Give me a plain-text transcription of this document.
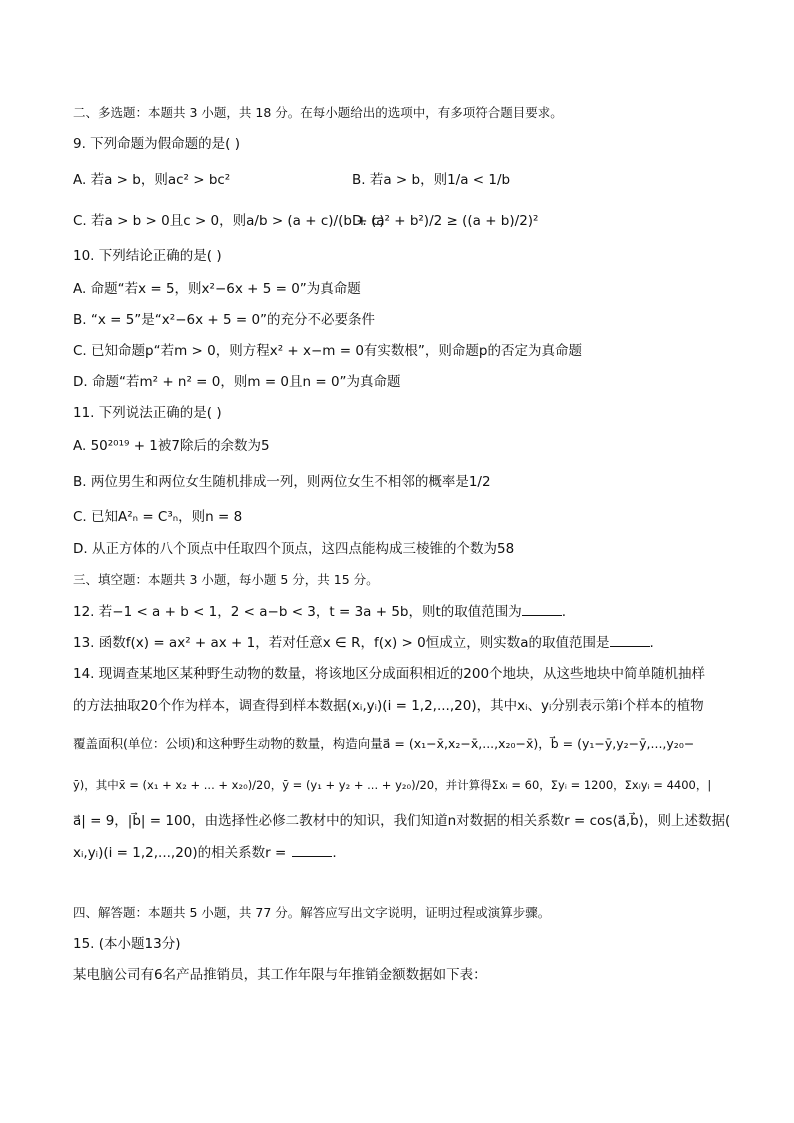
二、多选题：本题共 3 小题，共 18 分。在每小题给出的选项中，有多项符合题目要求。
9. 下列命题为假命题的是( )
A. 若a > b，则ac² > bc²	B. 若a > b，则1/a < 1/b
C. 若a > b > 0且c > 0，则a/b > (a + c)/(b + c)
D. (a² + b²)/2 ≥ ((a + b)/2)²
10. 下列结论正确的是( )
A. 命题“若x = 5，则x²−6x + 5 = 0”为真命题
B. “x = 5”是“x²−6x + 5 = 0”的充分不必要条件
C. 已知命题p“若m > 0，则方程x² + x−m = 0有实数根”，则命题p的否定为真命题
D. 命题“若m² + n² = 0，则m = 0且n = 0”为真命题
11. 下列说法正确的是( )
A. 50²⁰¹⁹ + 1被7除后的余数为5
B. 两位男生和两位女生随机排成一列，则两位女生不相邻的概率是1/2
C. 已知A²ₙ = C³ₙ，则n = 8
D. 从正方体的八个顶点中任取四个顶点，这四点能构成三棱锥的个数为58
三、填空题：本题共 3 小题，每小题 5 分，共 15 分。
12. 若−1 < a + b < 1，2 < a−b < 3，t = 3a + 5b，则t的取值范围为	.
13. 函数f(x) = ax² + ax + 1，若对任意x ∈ R，f(x) > 0恒成立，则实数a的取值范围是	.
14. 现调查某地区某种野生动物的数量，将该地区分成面积相近的200个地块，从这些地块中简单随机抽样
的方法抽取20个作为样本，调查得到样本数据(xᵢ,yᵢ)(i = 1,2,...,20)，其中xᵢ、yᵢ分别表示第i个样本的植物
覆盖面积(单位：公顷)和这种野生动物的数量，构造向量a⃗ = (x₁−x̄,x₂−x̄,...,x₂₀−x̄)，b⃗ = (y₁−ȳ,y₂−ȳ,...,y₂₀−
ȳ)，其中x̄ = (x₁ + x₂ + ... + x₂₀)/20，ȳ = (y₁ + y₂ + ... + y₂₀)/20，并计算得Σxᵢ = 60，Σyᵢ = 1200，Σxᵢyᵢ = 4400，|
a⃗| = 9，|b⃗| = 100，由选择性必修二教材中的知识，我们知道n对数据的相关系数r = cos⟨a⃗,b⃗⟩，则上述数据(
xᵢ,yᵢ)(i = 1,2,...,20)的相关系数r =	.
四、解答题：本题共 5 小题，共 77 分。解答应写出文字说明，证明过程或演算步骤。
15. (本小题13分)
某电脑公司有6名产品推销员，其工作年限与年推销金额数据如下表：
